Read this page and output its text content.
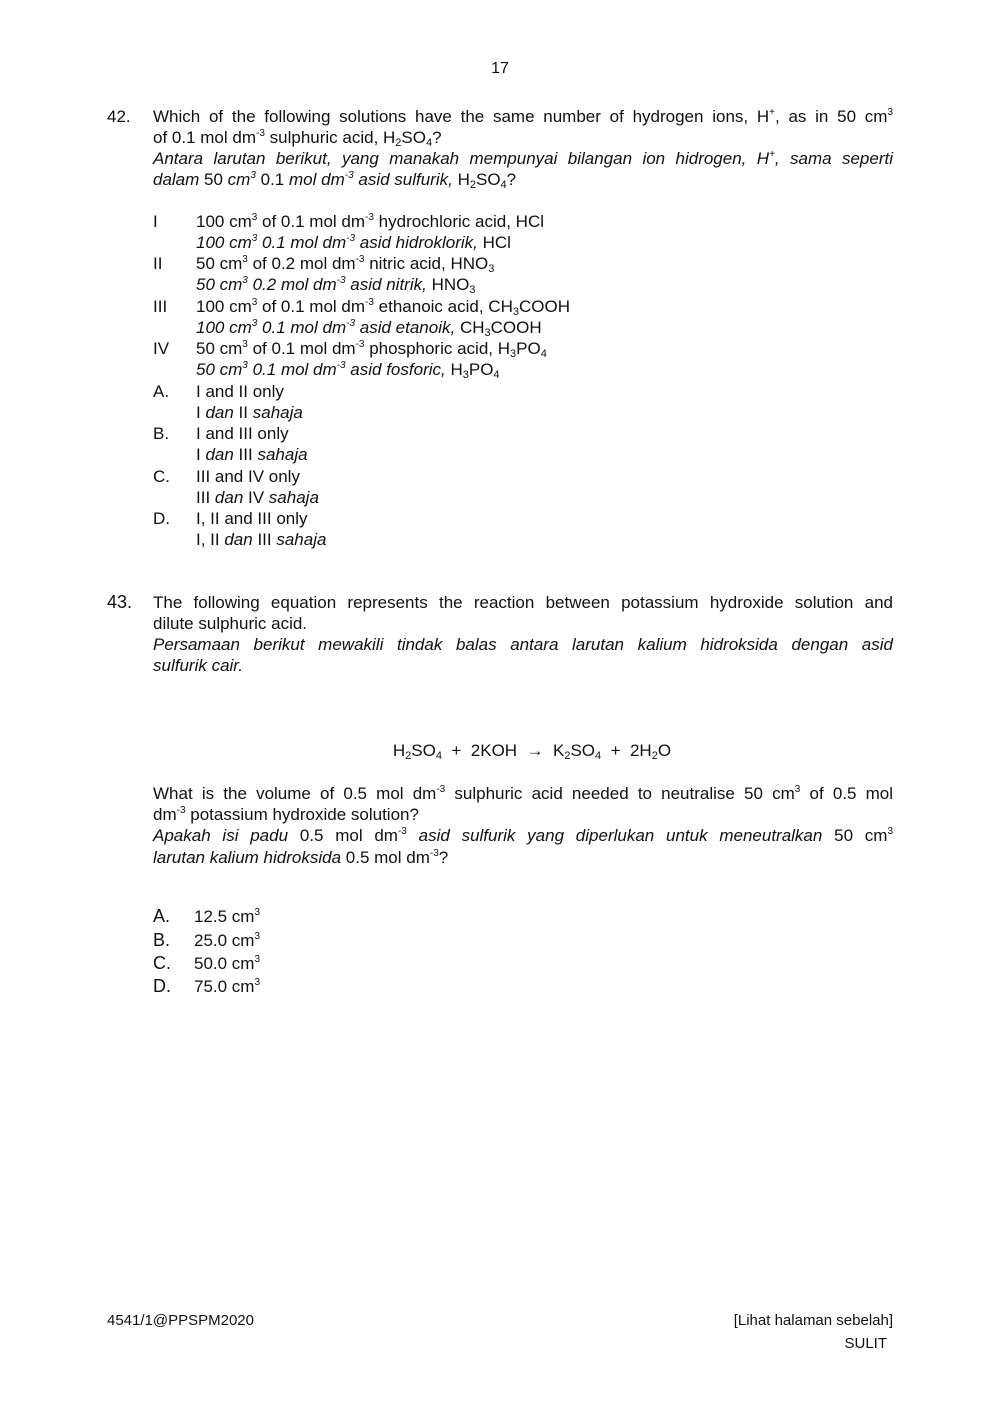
17
42. Which of the following solutions have the same number of hydrogen ions, H+, as in 50 $cm^3$
of 0.1 mol $dm^{-3}$ sulphuric acid, $H_2SO_4$?
Antara larutan berikut, yang manakah mempunyai bilangan ion hidrogen, H+, sama seperti
dalam 50 $cm^3$ 0.1 mol $dm^{-3}$ asid sulfurik, $H_2SO_4$?
I 100 $cm^3$ of 0.1 mol $dm^{-3}$ hydrochloric acid, HCl
100 $cm^3$ 0.1 mol $dm^{-3}$ asid hidroklorik, HCl
II 50 $cm^3$ of 0.2 mol $dm^{-3}$ nitric acid, $HNO_3$
50 $cm^3$ 0.2 mol $dm^{-3}$ asid nitrik, $HNO_3$
III 100 $cm^3$ of 0.1 mol $dm^{-3}$ ethanoic acid, $CH_3COOH$
100 $cm^3$ 0.1 mol $dm^{-3}$ asid etanoik, $CH_3COOH$
IV 50 $cm^3$ of 0.1 mol $dm^{-3}$ phosphoric acid, $H_3PO_4$
50 $cm^3$ 0.1 mol $dm^{-3}$ asid fosforic, $H_3PO_4$
A. I and II only
I dan II sahaja
B. I and III only
I dan III sahaja
C. III and IV only
III dan IV sahaja
D. I, II and III only
I, II dan III sahaja
43. The following equation represents the reaction between potassium hydroxide solution and
dilute sulphuric acid.
Persamaan berikut mewakili tindak balas antara larutan kalium hidroksida dengan asid
sulfurik cair.

$H_2SO_4 + 2KOH \to K_2SO_4 + 2H_2O$

What is the volume of 0.5 mol $dm^{-3}$ sulphuric acid needed to neutralise 50 $cm^3$ of 0.5 mol
$dm^{-3}$ potassium hydroxide solution?
Apakah isi padu 0.5 mol $dm^{-3}$ asid sulfurik yang diperlukan untuk meneutralkan 50 $cm^3$
larutan kalium hidroksida 0.5 mol $dm^{-3}$?
A. 12.5 $cm^3$
B. 25.0 $cm^3$
C. 50.0 $cm^3$
D. 75.0 $cm^3$
4541/1@PPSPM2020	[Lihat halaman sebelah]
SULIT
